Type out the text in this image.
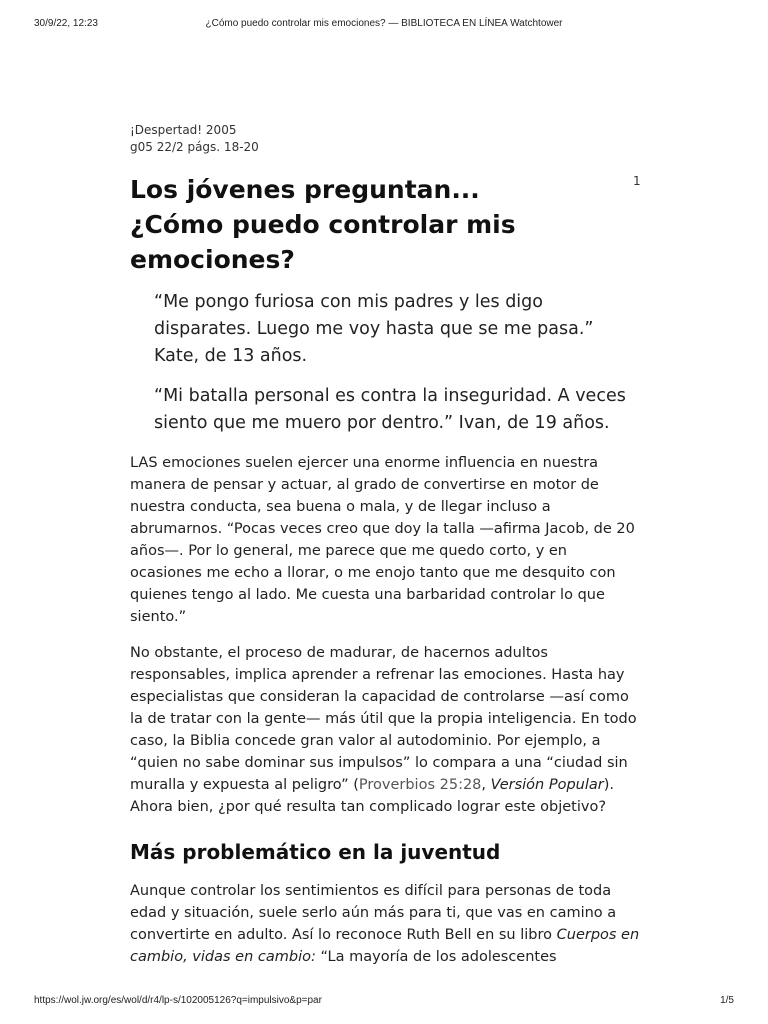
30/9/22, 12:23	¿Cómo puedo controlar mis emociones? — BIBLIOTECA EN LÍNEA Watchtower
1
¡Despertad! 2005
g05 22/2 págs. 18-20
Los jóvenes preguntan...
¿Cómo puedo controlar mis emociones?
“Me pongo furiosa con mis padres y les digo disparates. Luego me voy hasta que se me pasa.” Kate, de 13 años.
“Mi batalla personal es contra la inseguridad. A veces siento que me muero por dentro.” Ivan, de 19 años.

LAS emociones suelen ejercer una enorme influencia en nuestra manera de pensar y actuar, al grado de convertirse en motor de nuestra conducta, sea buena o mala, y de llegar incluso a abrumarnos. “Pocas veces creo que doy la talla —afirma Jacob, de 20 años—. Por lo general, me parece que me quedo corto, y en ocasiones me echo a llorar, o me enojo tanto que me desquito con quienes tengo al lado. Me cuesta una barbaridad controlar lo que siento.”

No obstante, el proceso de madurar, de hacernos adultos responsables, implica aprender a refrenar las emociones. Hasta hay especialistas que consideran la capacidad de controlarse —así como la de tratar con la gente— más útil que la propia inteligencia. En todo caso, la Biblia concede gran valor al autodominio. Por ejemplo, a “quien no sabe dominar sus impulsos” lo compara a una “ciudad sin muralla y expuesta al peligro” (Proverbios 25:28, Versión Popular). Ahora bien, ¿por qué resulta tan complicado lograr este objetivo?

Más problemático en la juventud

Aunque controlar los sentimientos es difícil para personas de toda edad y situación, suele serlo aún más para ti, que vas en camino a convertirte en adulto. Así lo reconoce Ruth Bell en su libro Cuerpos en cambio, vidas en cambio: “La mayoría de los adolescentes

https://wol.jw.org/es/wol/d/r4/lp-s/102005126?q=impulsivo&p=par	1/5
